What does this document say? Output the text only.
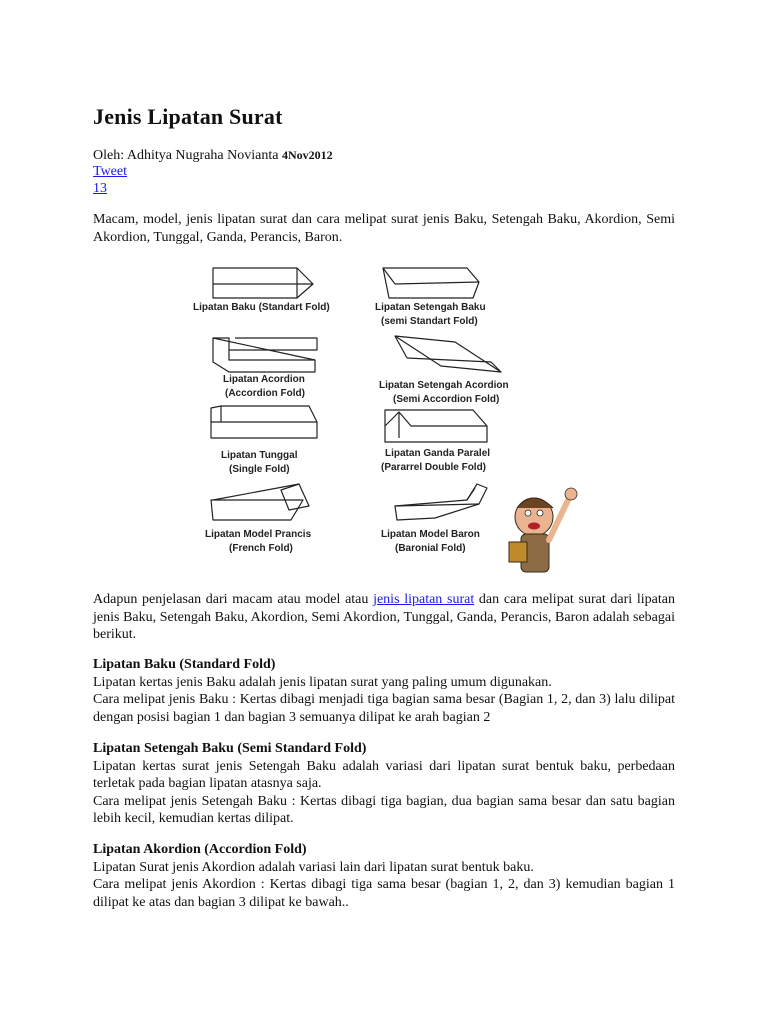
Jenis Lipatan Surat
Oleh: Adhitya Nugraha Novianta 4Nov2012
Tweet
13

Macam, model, jenis lipatan surat dan cara melipat surat jenis Baku, Setengah Baku, Akordion, Semi Akordion, Tunggal, Ganda, Perancis, Baron.

Adapun penjelasan dari macam atau model atau jenis lipatan surat dan cara melipat surat dari lipatan jenis Baku, Setengah Baku, Akordion, Semi Akordion, Tunggal, Ganda, Perancis, Baron adalah sebagai berikut.

Lipatan Baku (Standard Fold)
Lipatan kertas jenis Baku adalah jenis lipatan surat yang paling umum digunakan.
Cara melipat jenis Baku : Kertas dibagi menjadi tiga bagian sama besar (Bagian 1, 2, dan 3) lalu dilipat dengan posisi bagian 1 dan bagian 3 semuanya dilipat ke arah bagian 2
Lipatan Setengah Baku (Semi Standard Fold)
Lipatan kertas surat jenis Setengah Baku adalah variasi dari lipatan surat bentuk baku, perbedaan terletak pada bagian lipatan atasnya saja.
Cara melipat jenis Setengah Baku : Kertas dibagi tiga bagian, dua bagian sama besar dan satu bagian lebih kecil, kemudian kertas dilipat.
Lipatan Akordion (Accordion Fold)
Lipatan Surat jenis Akordion adalah variasi lain dari lipatan surat bentuk baku.
Cara melipat jenis Akordion : Kertas dibagi tiga sama besar (bagian 1, 2, dan 3) kemudian bagian 1 dilipat ke atas dan bagian 3 dilipat ke bawah..
Lipatan Baku (Standart Fold)	Lipatan Setengah Baku
(semi Standart Fold)
Lipatan Acordion
(Accordion Fold)
Lipatan Setengah Acordion
(Semi Accordion Fold)
Lipatan Tunggal
(Single Fold)
Lipatan Ganda Paralel
(Pararrel Double Fold)
Lipatan Model Prancis
(French Fold)
Lipatan Model Baron
(Baronial Fold)
